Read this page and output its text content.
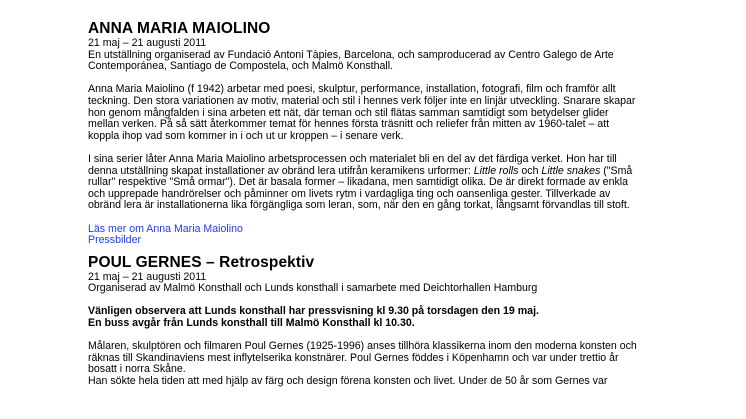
ANNA MARIA MAIOLINO
21 maj – 21 augusti 2011
En utställning organiserad av Fundació Antoni Tàpies, Barcelona, och samproducerad av Centro Galego de Arte
Contemporánea, Santiago de Compostela, och Malmö Konsthall.
Anna Maria Maiolino (f 1942) arbetar med poesi, skulptur, performance, installation, fotografi, film och framför allt
teckning. Den stora variationen av motiv, material och stil i hennes verk följer inte en linjär utveckling. Snarare skapar
hon genom mångfalden i sina arbeten ett nät, där teman och stil flätas samman samtidigt som betydelser glider
mellan verken. På så sätt återkommer temat för hennes första träsnitt och reliefer från mitten av 1960-talet – att
koppla ihop vad som kommer in i och ut ur kroppen – i senare verk.
I sina serier låter Anna Maria Maiolino arbetsprocessen och materialet bli en del av det färdiga verket. Hon har till
denna utställning skapat installationer av obränd lera utifrån keramikens urformer: Little rolls och Little snakes ("Små
rullar" respektive "Små ormar"). Det är basala former – likadana, men samtidigt olika. De är direkt formade av enkla
och upprepade handrörelser och påminner om livets rytm i vardagliga ting och oansenliga gester. Tillverkade av
obränd lera är installationerna lika förgängliga som leran, som, när den en gång torkat, långsamt förvandlas till stoft.
Läs mer om Anna Maria Maiolino
Pressbilder
POUL GERNES – Retrospektiv
21 maj – 21 augusti 2011
Organiserad av Malmö Konsthall och Lunds konsthall i samarbete med Deichtorhallen Hamburg
Vänligen observera att Lunds konsthall har pressvisning kl 9.30 på torsdagen den 19 maj.
En buss avgår från Lunds konsthall till Malmö Konsthall kl 10.30.
Målaren, skulptören och filmaren Poul Gernes (1925-1996) anses tillhöra klassikerna inom den moderna konsten och
räknas till Skandinaviens mest inflytelserika konstnärer. Poul Gernes föddes i Köpenhamn och var under trettio år
bosatt i norra Skåne.
Han sökte hela tiden att med hjälp av färg och design förena konsten och livet. Under de 50 år som Gernes var
